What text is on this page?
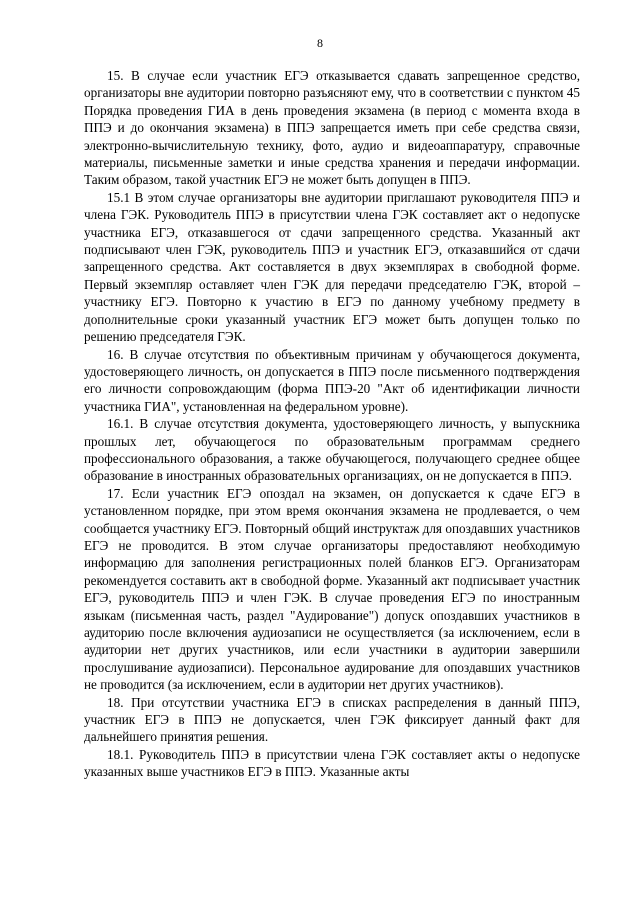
8

15. В случае если участник ЕГЭ отказывается сдавать запрещенное средство, организаторы вне аудитории повторно разъясняют ему, что в соответствии с пунктом 45 Порядка проведения ГИА в день проведения экзамена (в период с момента входа в ППЭ и до окончания экзамена) в ППЭ запрещается иметь при себе средства связи, электронно-вычислительную технику, фото, аудио и видеоаппаратуру, справочные материалы, письменные заметки и иные средства хранения и передачи информации. Таким образом, такой участник ЕГЭ не может быть допущен в ППЭ.

15.1 В этом случае организаторы вне аудитории приглашают руководителя ППЭ и члена ГЭК. Руководитель ППЭ в присутствии члена ГЭК составляет акт о недопуске участника ЕГЭ, отказавшегося от сдачи запрещенного средства. Указанный акт подписывают член ГЭК, руководитель ППЭ и участник ЕГЭ, отказавшийся от сдачи запрещенного средства. Акт составляется в двух экземплярах в свободной форме. Первый экземпляр оставляет член ГЭК для передачи председателю ГЭК, второй – участнику ЕГЭ. Повторно к участию в ЕГЭ по данному учебному предмету в дополнительные сроки указанный участник ЕГЭ может быть допущен только по решению председателя ГЭК.

16. В случае отсутствия по объективным причинам у обучающегося документа, удостоверяющего личность, он допускается в ППЭ после письменного подтверждения его личности сопровождающим (форма ППЭ-20 "Акт об идентификации личности участника ГИА", установленная на федеральном уровне).

16.1. В случае отсутствия документа, удостоверяющего личность, у выпускника прошлых лет, обучающегося по образовательным программам среднего профессионального образования, а также обучающегося, получающего среднее общее образование в иностранных образовательных организациях, он не допускается в ППЭ.

17. Если участник ЕГЭ опоздал на экзамен, он допускается к сдаче ЕГЭ в установленном порядке, при этом время окончания экзамена не продлевается, о чем сообщается участнику ЕГЭ. Повторный общий инструктаж для опоздавших участников ЕГЭ не проводится. В этом случае организаторы предоставляют необходимую информацию для заполнения регистрационных полей бланков ЕГЭ. Организаторам рекомендуется составить акт в свободной форме. Указанный акт подписывает участник ЕГЭ, руководитель ППЭ и член ГЭК. В случае проведения ЕГЭ по иностранным языкам (письменная часть, раздел "Аудирование") допуск опоздавших участников в аудиторию после включения аудиозаписи не осуществляется (за исключением, если в аудитории нет других участников, или если участники в аудитории завершили прослушивание аудиозаписи). Персональное аудирование для опоздавших участников не проводится (за исключением, если в аудитории нет других участников).

18. При отсутствии участника ЕГЭ в списках распределения в данный ППЭ, участник ЕГЭ в ППЭ не допускается, член ГЭК фиксирует данный факт для дальнейшего принятия решения.

18.1. Руководитель ППЭ в присутствии члена ГЭК составляет акты о недопуске указанных выше участников ЕГЭ в ППЭ. Указанные акты
